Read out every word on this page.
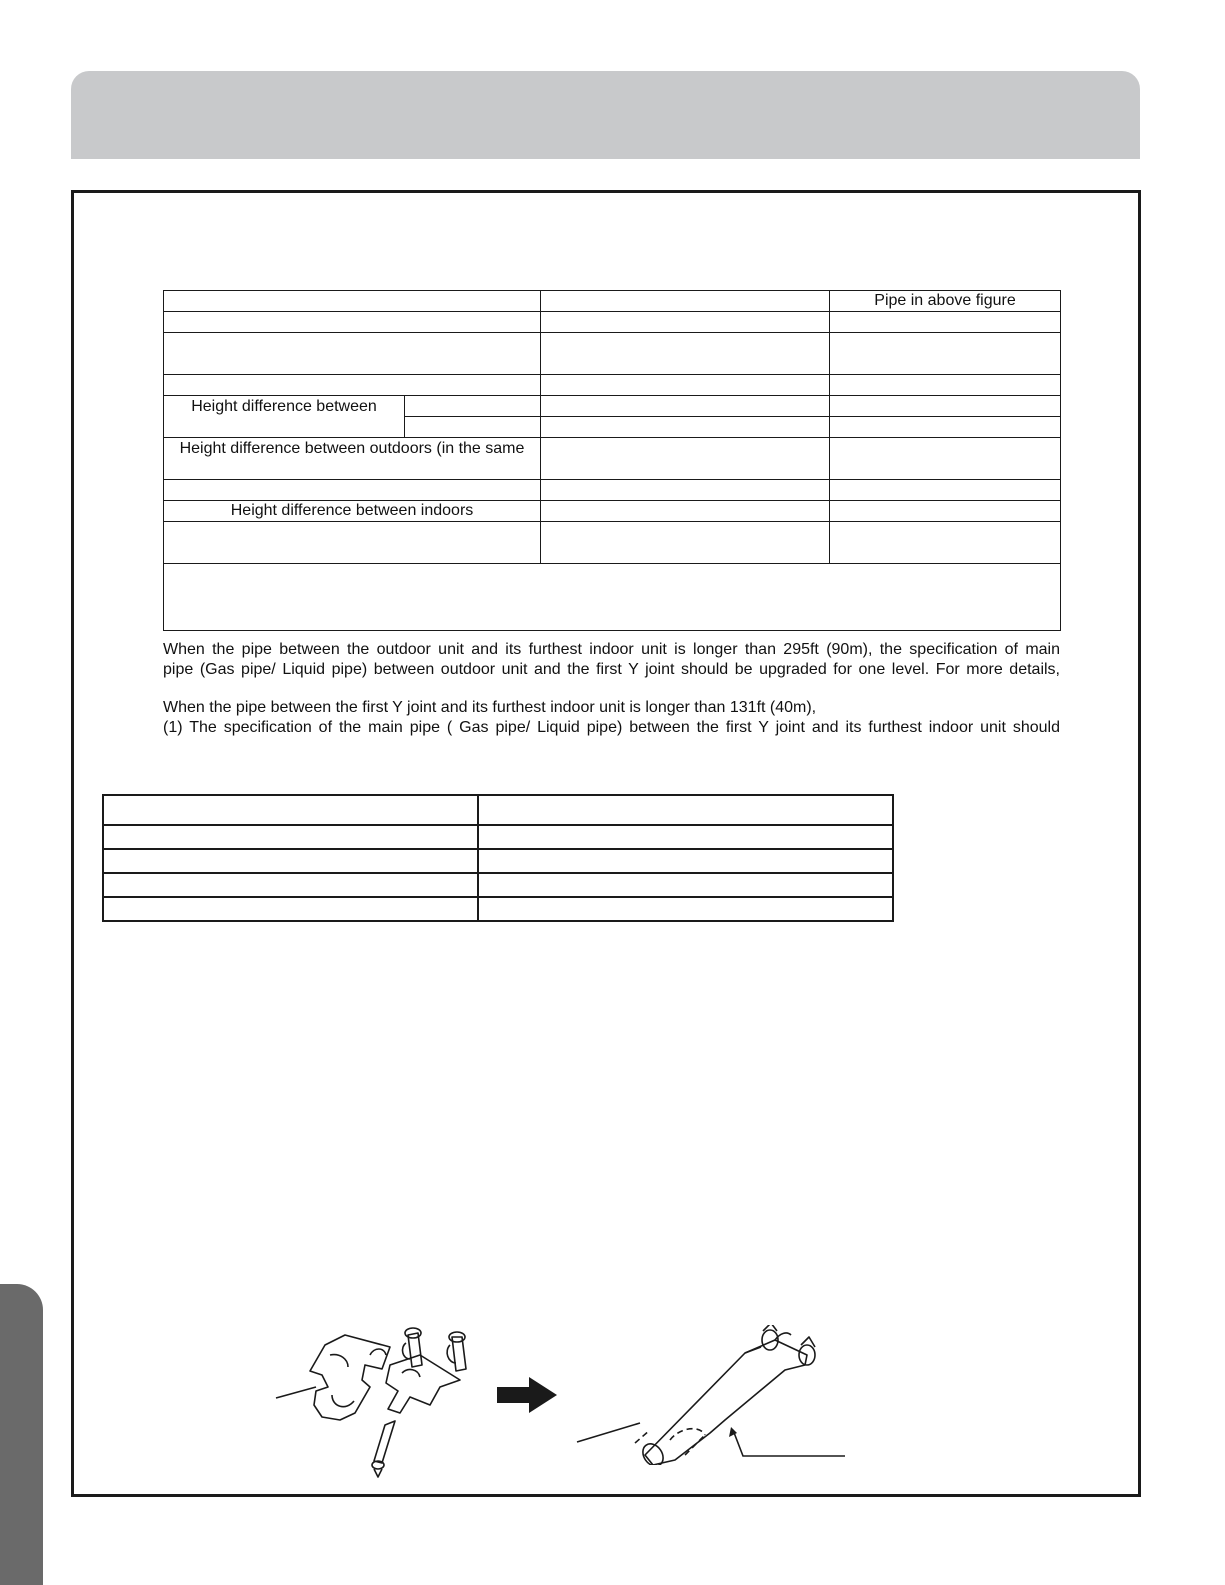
			Pipe in above figure

Height difference between			

Height difference between outdoors (in the same			

Height difference between indoors			

When the pipe between the outdoor unit and its furthest indoor unit is longer than 295ft (90m), the specification of main
pipe (Gas pipe/ Liquid pipe) between outdoor unit and the first Y joint should be upgraded for one level. For more details,
When the pipe between the first Y joint and its furthest indoor unit is longer than 131ft (40m),
(1) The specification of the main pipe ( Gas pipe/ Liquid pipe) between the first Y joint and its furthest indoor unit should
